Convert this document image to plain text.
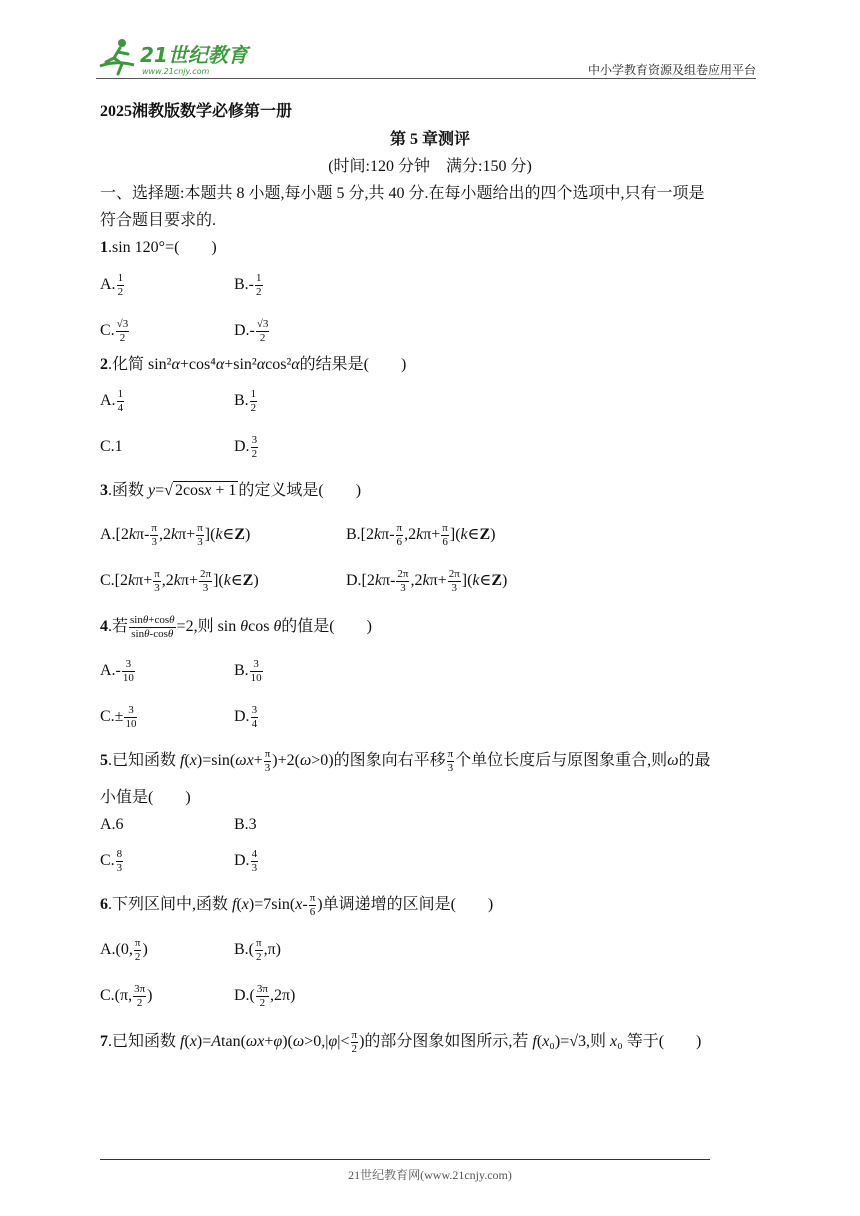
21世纪教育
www.21cnjy.com	中小学教育资源及组卷应用平台
2025湘教版数学必修第一册
第 5 章测评
(时间:120 分钟　满分:150 分)
一、选择题:本题共 8 小题,每小题 5 分,共 40 分.在每小题给出的四个选项中,只有一项是
符合题目要求的.
1.sin 120°=(　　)
A. $\frac{1}{2}$	$B.- \frac{1}{2}$
C. $\frac{√3}{2}$	$D.- \frac{√3}{2}$
2.化简 sin²α+cos⁴α+sin²αcos²α的结果是(　　)
A. $\frac{1}{4}$	B. $\frac{1}{2}$
C.1	D. $\frac{3}{2}$
3.函数 y=√ 2cosx + 1 的定义域是(　　)
$A.[2k\pi- \frac{\pi}{3} ,2k\pi+ \frac{\pi}{3}$ ](k∈Z)	$B.[2k\pi- \frac{\pi}{6} ,2k\pi+ \frac{\pi}{6}$ ](k∈Z)
$C.[2k\pi+ \frac{\pi}{3} ,2k\pi+ \frac{2\pi}{3}$ ](k∈Z)	$D.[2k\pi- \frac{2\pi}{3} ,2k\pi+ \frac{2\pi}{3}$ ](k∈Z)
4.若 $\frac{\sin\theta+\cos\theta}{\sin\theta-\cos\theta} =2$,则 sin θcos θ的值是(　　)
$A.- \frac{3}{10}$	B. $\frac{3}{10}$
$C.\pm \frac{3}{10}$	D. $\frac{3}{4}$
5.已知函数 $f(x)=\sin(\omega x+ \frac{\pi}{3} )+2(\omega>0)$的图象向右平移 $\frac{\pi}{3}$ 个单位长度后与原图象重合,则ω的最
小值是(　　)
A.6	B.3
C. $\frac{8}{3}$	D. $\frac{4}{3}$
6.下列区间中,函数 $f(x)=7\sin(x- \frac{\pi}{6}$ )单调递增的区间是(　　)
A.(0, $\frac{\pi}{2}$ )	$B.( \frac{\pi}{2} ,\pi)$
C.(π, $\frac{3\pi}{2}$ )	$D.( \frac{3\pi}{2} ,2\pi)$
7.已知函数 $f(x)=Atan(\omega x+\varphi)(\omega>0,|\varphi|< \frac{\pi}{2}$ )的部分图象如图所示,若 f(x₀)=√3,则 x₀ 等于(　　)
21世纪教育网(www.21cnjy.com)
